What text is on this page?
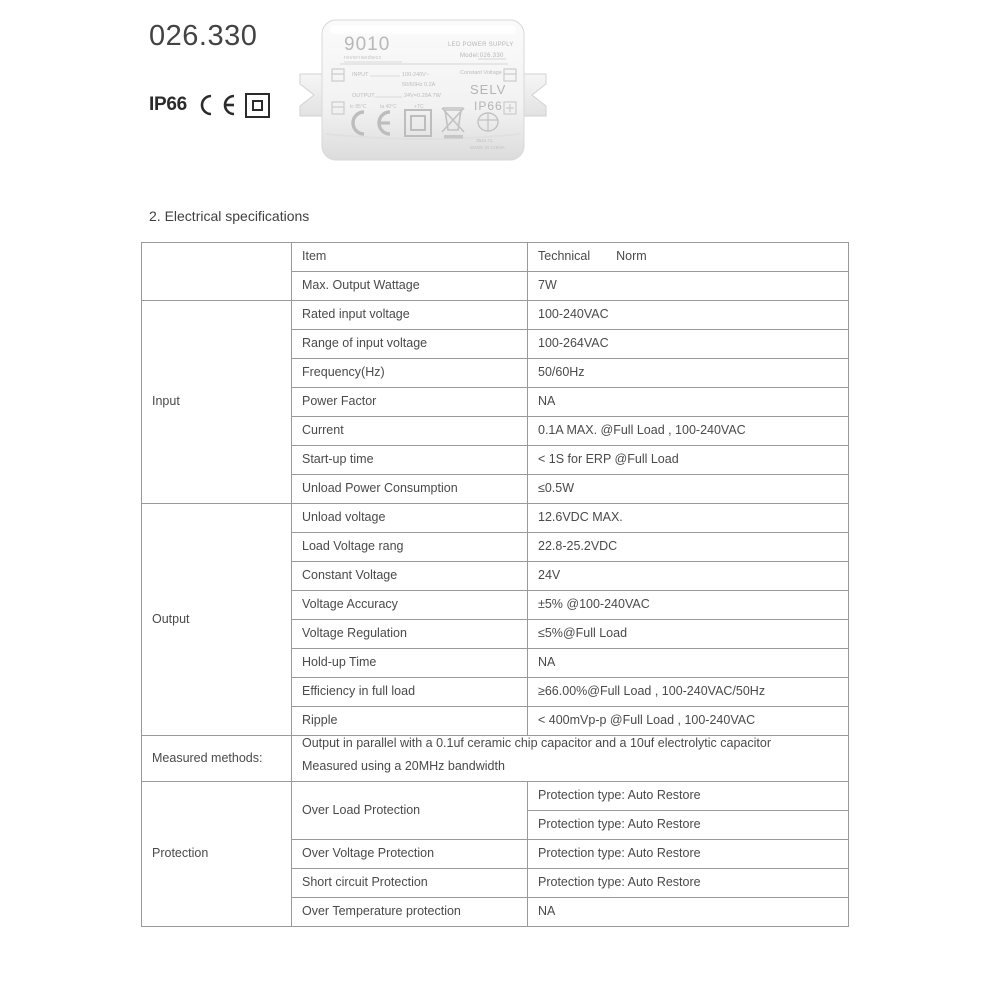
026.330
IP66
9010
reverraedwcc
LED POWER SUPPLY
Model:026.330
INPUT	100-240V~
50/60Hz 0.2A
OUTPUT	24V=0.29A 7W
tc 85°C	ta 40°C	+TC
Constant Voltage
SELV
IP66
3924.71
MADE IN CHINA
2. Electrical specifications
	Item	Technical Norm
	Max. Output Wattage	7W
Input	Rated input voltage	100-240VAC
	Range of input voltage	100-264VAC
	Frequency(Hz)	50/60Hz
	Power Factor	NA
	Current	0.1A MAX. @Full Load , 100-240VAC
	Start-up time	< 1S for ERP @Full Load
	Unload Power Consumption	≤0.5W
Output	Unload voltage	12.6VDC MAX.
	Load Voltage rang	22.8-25.2VDC
	Constant Voltage	24V
	Voltage Accuracy	±5% @100-240VAC
	Voltage Regulation	≤5%@Full Load
	Hold-up Time	NA
	Efficiency in full load	≥66.00%@Full Load , 100-240VAC/50Hz
	Ripple	< 400mVp-p @Full Load , 100-240VAC
Measured methods:	Output in parallel with a 0.1uf ceramic chip capacitor and a 10uf electrolytic capacitor
Measured using a 20MHz bandwidth	

Protection	Over Load Protection	Protection type: Auto Restore
		Protection type: Auto Restore
	Over Voltage Protection	Protection type: Auto Restore
	Short circuit Protection	Protection type: Auto Restore
	Over Temperature protection	NA
